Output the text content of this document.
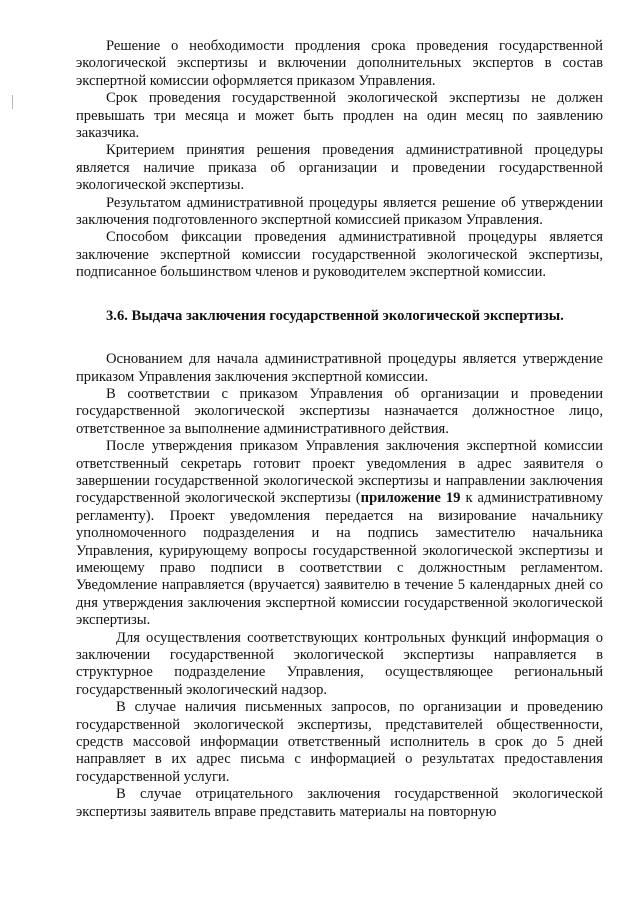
Решение о необходимости продления срока проведения государственной экологической экспертизы и включении дополнительных экспертов в состав экспертной комиссии оформляется приказом Управления.

Срок проведения государственной экологической экспертизы не должен превышать три месяца и может быть продлен на один месяц по заявлению заказчика.

Критерием принятия решения проведения административной процедуры является наличие приказа об организации и проведении государственной экологической экспертизы.

Результатом административной процедуры является решение об утверждении заключения подготовленного экспертной комиссией приказом Управления.

Способом фиксации проведения административной процедуры является заключение экспертной комиссии государственной экологической экспертизы, подписанное большинством членов и руководителем экспертной комиссии.

3.6. Выдача заключения государственной экологической экспертизы.

Основанием для начала административной процедуры является утверждение приказом Управления заключения экспертной комиссии.

В соответствии с приказом Управления об организации и проведении государственной экологической экспертизы назначается должностное лицо, ответственное за выполнение административного действия.

После утверждения приказом Управления заключения экспертной комиссии ответственный секретарь готовит проект уведомления в адрес заявителя о завершении государственной экологической экспертизы и направлении заключения государственной экологической экспертизы (приложение 19 к административному регламенту). Проект уведомления передается на визирование начальнику уполномоченного подразделения и на подпись заместителю начальника Управления, курирующему вопросы государственной экологической экспертизы и имеющему право подписи в соответствии с должностным регламентом. Уведомление направляется (вручается) заявителю в течение 5 календарных дней со дня утверждения заключения экспертной комиссии государственной экологической экспертизы.

Для осуществления соответствующих контрольных функций информация о заключении государственной экологической экспертизы направляется в структурное подразделение Управления, осуществляющее региональный государственный экологический надзор.

В случае наличия письменных запросов, по организации и проведению государственной экологической экспертизы, представителей общественности, средств массовой информации ответственный исполнитель в срок до 5 дней направляет в их адрес письма с информацией о результатах предоставления государственной услуги.

В случае отрицательного заключения государственной экологической экспертизы заявитель вправе представить материалы на повторную
